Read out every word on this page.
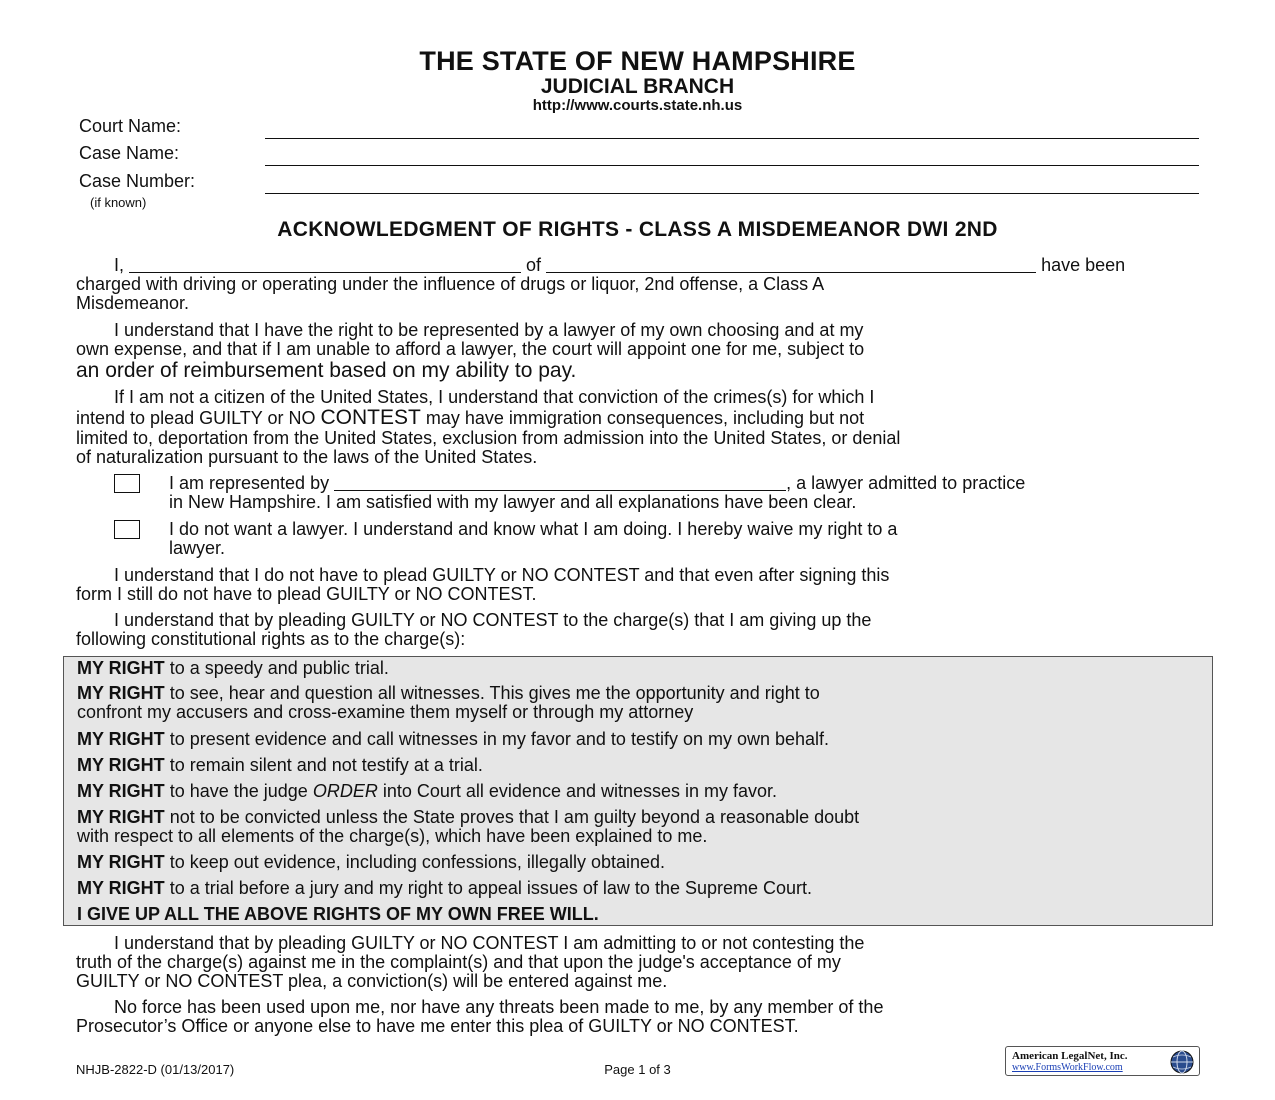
THE STATE OF NEW HAMPSHIRE
JUDICIAL BRANCH
http://www.courts.state.nh.us
Court Name:
Case Name:
Case Number:
(if known)
ACKNOWLEDGMENT OF RIGHTS - CLASS A MISDEMEANOR DWI 2ND
I,	of	have been
charged with driving or operating under the influence of drugs or liquor, 2nd offense, a Class A
Misdemeanor.
I understand that I have the right to be represented by a lawyer of my own choosing and at my
own expense, and that if I am unable to afford a lawyer, the court will appoint one for me, subject to
an order of reimbursement based on my ability to pay.
If I am not a citizen of the United States, I understand that conviction of the crimes(s) for which I
intend to plead GUILTY or NO CONTEST may have immigration consequences, including but not
limited to, deportation from the United States, exclusion from admission into the United States, or denial
of naturalization pursuant to the laws of the United States.
I am represented by	, a lawyer admitted to practice
in New Hampshire. I am satisfied with my lawyer and all explanations have been clear.
I do not want a lawyer. I understand and know what I am doing. I hereby waive my right to a
lawyer.
I understand that I do not have to plead GUILTY or NO CONTEST and that even after signing this
form I still do not have to plead GUILTY or NO CONTEST.
I understand that by pleading GUILTY or NO CONTEST to the charge(s) that I am giving up the
following constitutional rights as to the charge(s):
MY RIGHT to a speedy and public trial.
MY RIGHT to see, hear and question all witnesses. This gives me the opportunity and right to
confront my accusers and cross-examine them myself or through my attorney
MY RIGHT to present evidence and call witnesses in my favor and to testify on my own behalf.
MY RIGHT to remain silent and not testify at a trial.
MY RIGHT to have the judge ORDER into Court all evidence and witnesses in my favor.
MY RIGHT not to be convicted unless the State proves that I am guilty beyond a reasonable doubt
with respect to all elements of the charge(s), which have been explained to me.
MY RIGHT to keep out evidence, including confessions, illegally obtained.
MY RIGHT to a trial before a jury and my right to appeal issues of law to the Supreme Court.
I GIVE UP ALL THE ABOVE RIGHTS OF MY OWN FREE WILL.
I understand that by pleading GUILTY or NO CONTEST I am admitting to or not contesting the
truth of the charge(s) against me in the complaint(s) and that upon the judge's acceptance of my
GUILTY or NO CONTEST plea, a conviction(s) will be entered against me.
No force has been used upon me, nor have any threats been made to me, by any member of the
Prosecutor’s Office or anyone else to have me enter this plea of GUILTY or NO CONTEST.
NHJB-2822-D (01/13/2017)	Page 1 of 3
American LegalNet, Inc.
www.FormsWorkFlow.com
